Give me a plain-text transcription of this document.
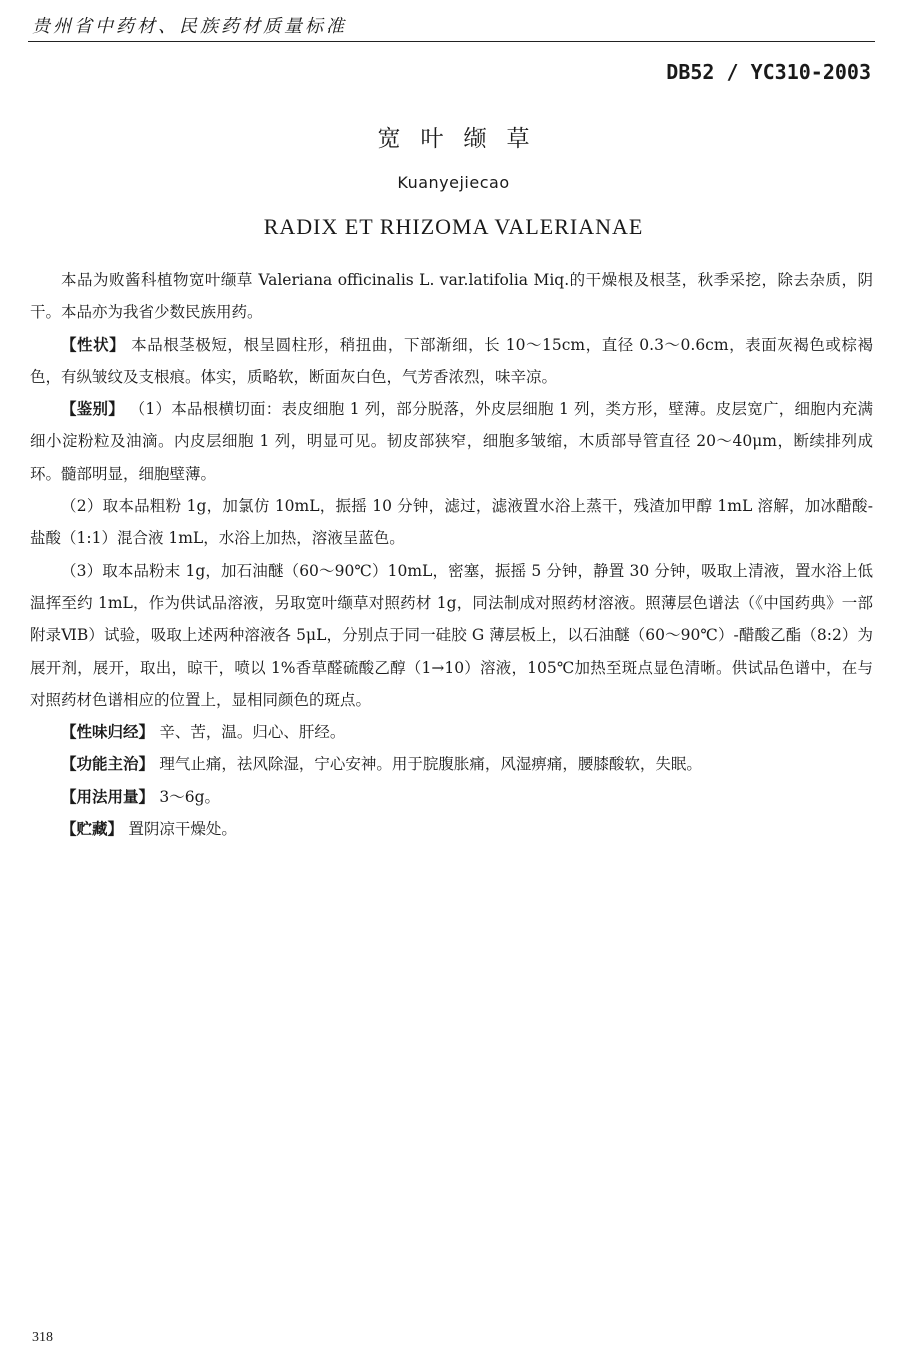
贵州省中药材、民族药材质量标准
DB52 / YC310-2003
宽叶缬草
Kuanyejiecao
RADIX ET RHIZOMA VALERIANAE

本品为败酱科植物宽叶缬草 Valeriana officinalis L. var.latifolia Miq.的干燥根及根茎，秋季采挖，除去杂质，阴干。本品亦为我省少数民族用药。

【性状】 本品根茎极短，根呈圆柱形，稍扭曲，下部渐细，长 10～15cm，直径 0.3～0.6cm，表面灰褐色或棕褐色，有纵皱纹及支根痕。体实，质略软，断面灰白色，气芳香浓烈，味辛凉。

【鉴别】 （1）本品根横切面：表皮细胞 1 列，部分脱落，外皮层细胞 1 列，类方形，壁薄。皮层宽广，细胞内充满细小淀粉粒及油滴。内皮层细胞 1 列，明显可见。韧皮部狭窄，细胞多皱缩，木质部导管直径 20～40μm，断续排列成环。髓部明显，细胞壁薄。

（2）取本品粗粉 1g，加氯仿 10mL，振摇 10 分钟，滤过，滤液置水浴上蒸干，残渣加甲醇 1mL 溶解，加冰醋酸-盐酸（1:1）混合液 1mL，水浴上加热，溶液呈蓝色。

（3）取本品粉末 1g，加石油醚（60～90℃）10mL，密塞，振摇 5 分钟，静置 30 分钟，吸取上清液，置水浴上低温挥至约 1mL，作为供试品溶液，另取宽叶缬草对照药材 1g，同法制成对照药材溶液。照薄层色谱法（《中国药典》一部附录ⅥB）试验，吸取上述两种溶液各 5μL，分别点于同一硅胶 G 薄层板上，以石油醚（60～90℃）-醋酸乙酯（8:2）为展开剂，展开，取出，晾干，喷以 1%香草醛硫酸乙醇（1→10）溶液，105℃加热至斑点显色清晰。供试品色谱中，在与对照药材色谱相应的位置上，显相同颜色的斑点。

【性味归经】 辛、苦，温。归心、肝经。

【功能主治】 理气止痛，祛风除湿，宁心安神。用于脘腹胀痛，风湿痹痛，腰膝酸软，失眠。

【用法用量】 3～6g。

【贮藏】 置阴凉干燥处。

318
